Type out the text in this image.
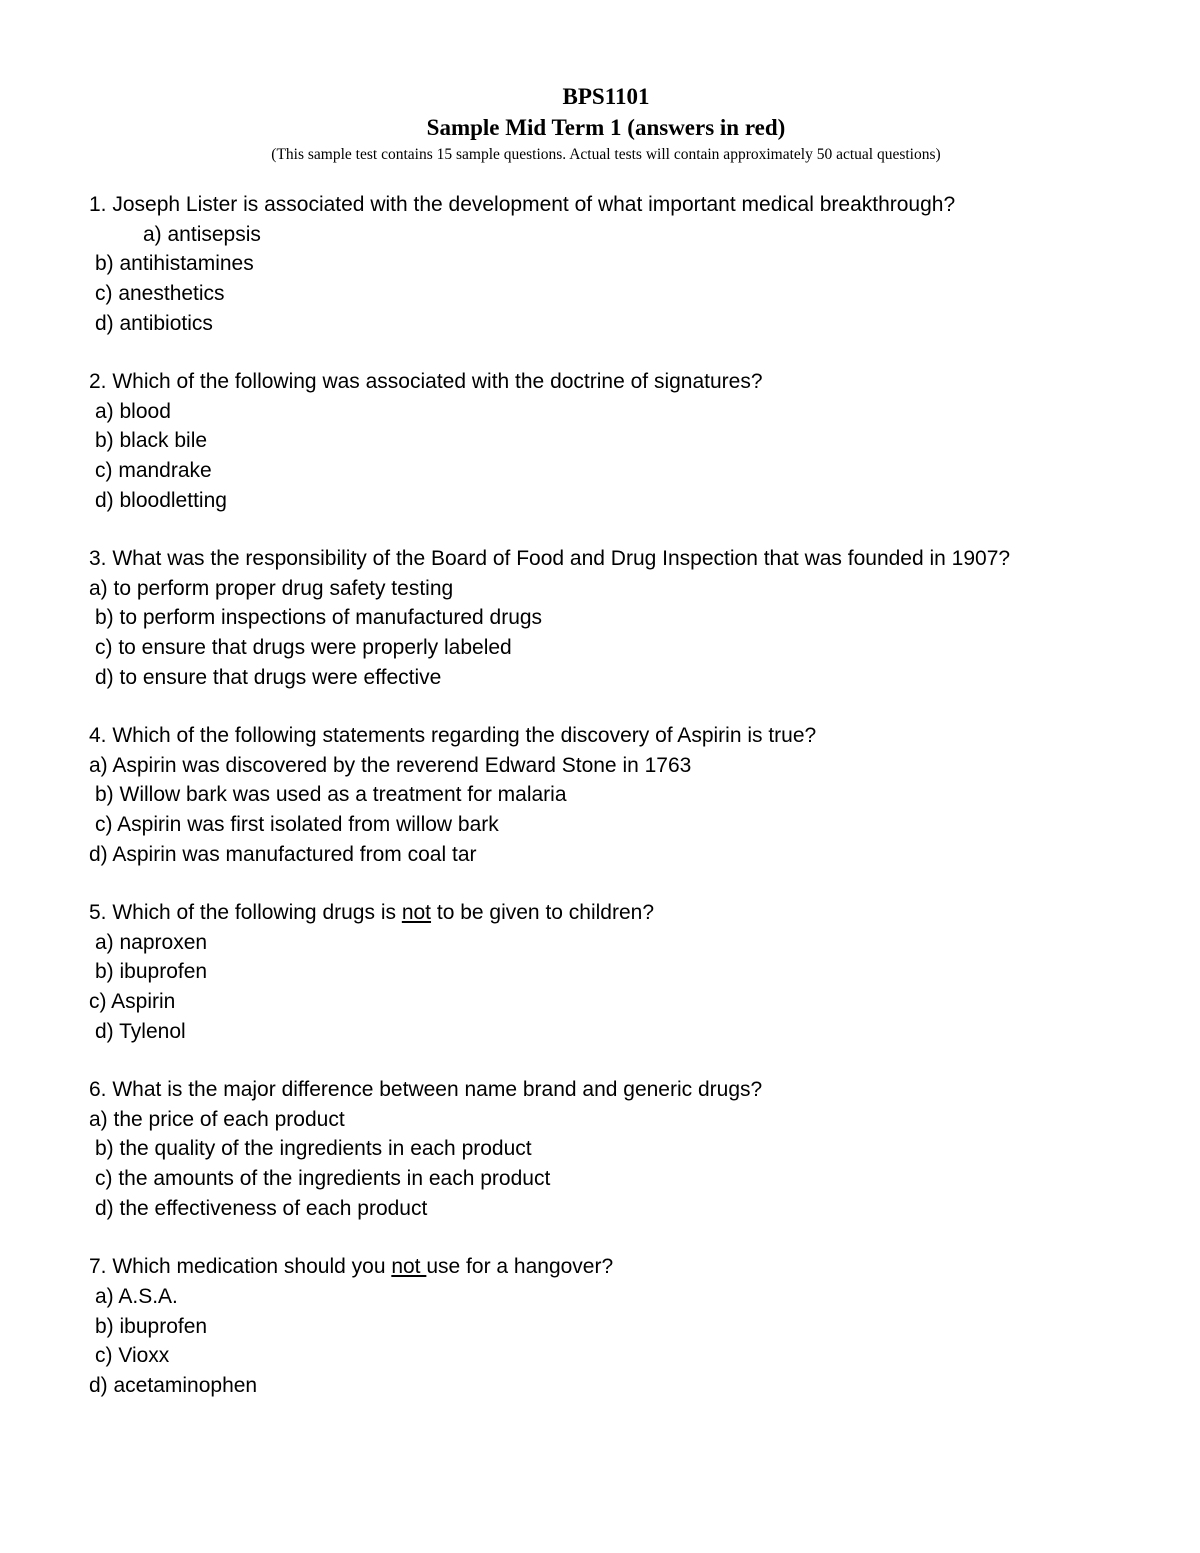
BPS1101

Sample Mid Term 1 (answers in red)

(This sample test contains 15 sample questions. Actual tests will contain approximately 50 actual questions)

1. Joseph Lister is associated with the development of what important medical breakthrough?
a) antisepsis
b) antihistamines
c) anesthetics
d) antibiotics
2. Which of the following was associated with the doctrine of signatures?
a) blood
b) black bile
c) mandrake
d) bloodletting
3. What was the responsibility of the Board of Food and Drug Inspection that was founded in 1907?
a) to perform proper drug safety testing
b) to perform inspections of manufactured drugs
c) to ensure that drugs were properly labeled
d) to ensure that drugs were effective
4. Which of the following statements regarding the discovery of Aspirin is true?
a) Aspirin was discovered by the reverend Edward Stone in 1763
b) Willow bark was used as a treatment for malaria
c) Aspirin was first isolated from willow bark
d) Aspirin was manufactured from coal tar
5. Which of the following drugs is not to be given to children?
a) naproxen
b) ibuprofen
c) Aspirin
d) Tylenol
6. What is the major difference between name brand and generic drugs?
a) the price of each product
b) the quality of the ingredients in each product
c) the amounts of the ingredients in each product
d) the effectiveness of each product
7. Which medication should you not use for a hangover?
a) A.S.A.
b) ibuprofen
c) Vioxx
d) acetaminophen
